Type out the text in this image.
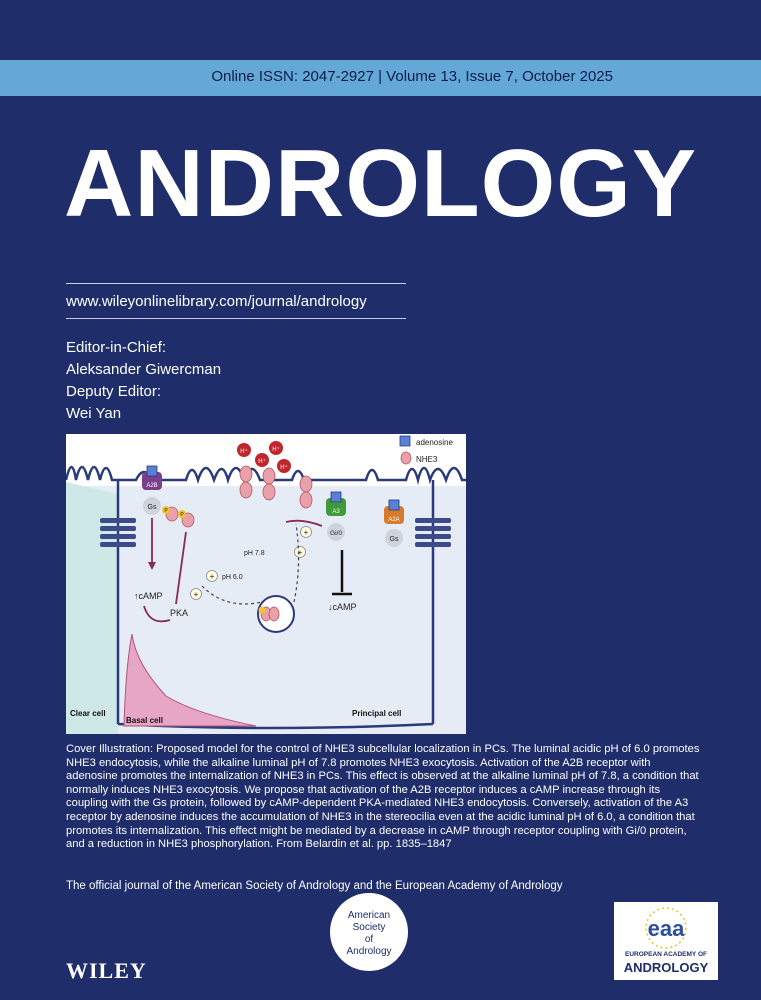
Online ISSN: 2047-2927 | Volume 13, Issue 7, October 2025
ANDROLOGY
www.wileyonlinelibrary.com/journal/andrology
Editor-in-Chief:
Aleksander Giwercman
Deputy Editor:
Wei Yan
adenosine
NHE3
H⁺
H⁺
H⁺
H⁺
A2B
Gs P
P
↑cAMP
PKA
+ pH 6.0
+
pH 7.8	+
+
A3
Gi/0
↓cAMP
A2A
Gs
Clear cell
Basal cell
Principal cell
Cover Illustration: Proposed model for the control of NHE3 subcellular localization in PCs. The luminal acidic pH of 6.0 promotes NHE3 endocytosis, while the alkaline luminal pH of 7.8 promotes NHE3 exocytosis. Activation of the A2B receptor with adenosine promotes the internalization of NHE3 in PCs. This effect is observed at the alkaline luminal pH of 7.8, a condition that normally induces NHE3 exocytosis. We propose that activation of the A2B receptor induces a cAMP increase through its coupling with the Gs protein, followed by cAMP-dependent PKA-mediated NHE3 endocytosis. Conversely, activation of the A3 receptor by adenosine induces the accumulation of NHE3 in the stereocilia even at the acidic luminal pH of 6.0, a condition that promotes its internalization. This effect might be mediated by a decrease in cAMP through receptor coupling with Gi/0 protein, and a reduction in NHE3 phosphorylation. From Belardin et al. pp. 1835–1847
The official journal of the American Society of Andrology and the European Academy of Andrology
WILEY
American
Society
of
Andrology
eaa
EUROPEAN ACADEMY OF
ANDROLOGY
